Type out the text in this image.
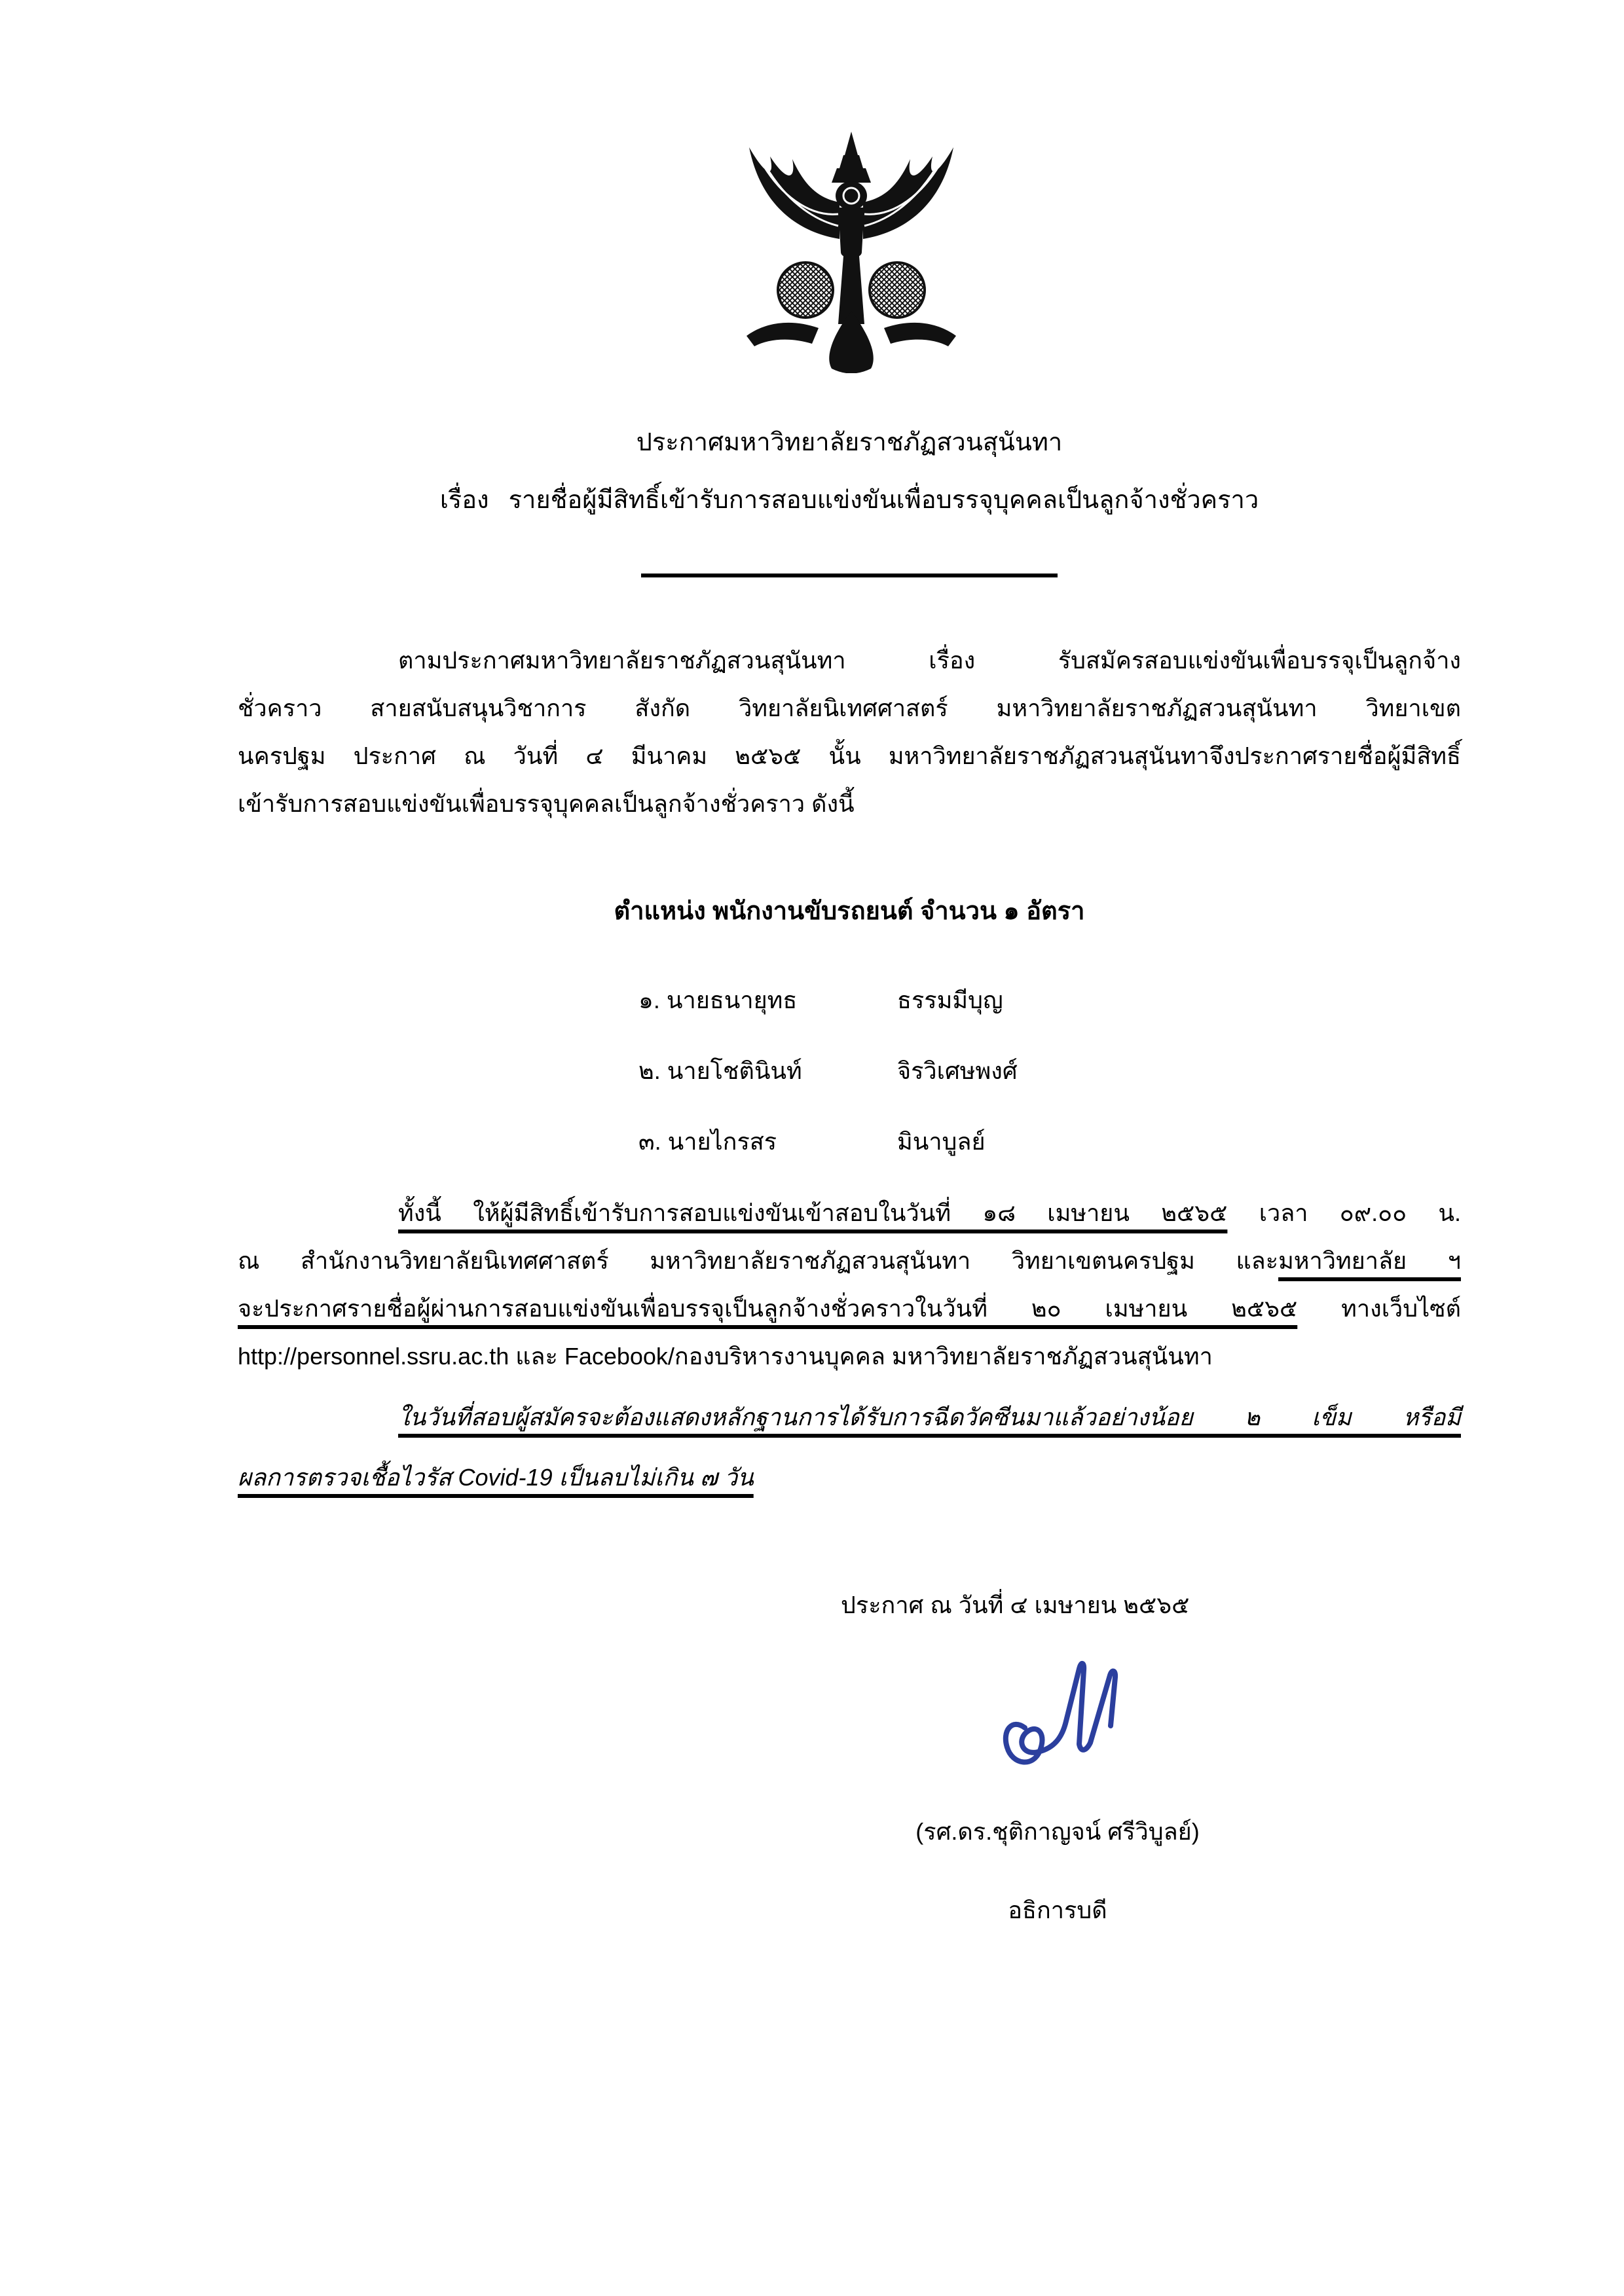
ประกาศมหาวิทยาลัยราชภัฏสวนสุนันทา
เรื่อง รายชื่อผู้มีสิทธิ์เข้ารับการสอบแข่งขันเพื่อบรรจุบุคคลเป็นลูกจ้างชั่วคราว
ตามประกาศมหาวิทยาลัยราชภัฏสวนสุนันทา เรื่อง รับสมัครสอบแข่งขันเพื่อบรรจุเป็นลูกจ้าง
ชั่วคราว สายสนับสนุนวิชาการ สังกัด วิทยาลัยนิเทศศาสตร์ มหาวิทยาลัยราชภัฏสวนสุนันทา วิทยาเขต
นครปฐม ประกาศ ณ วันที่ ๔ มีนาคม ๒๕๖๕ นั้น มหาวิทยาลัยราชภัฏสวนสุนันทาจึงประกาศรายชื่อผู้มีสิทธิ์
เข้ารับการสอบแข่งขันเพื่อบรรจุบุคคลเป็นลูกจ้างชั่วคราว ดังนี้
ตำแหน่ง พนักงานขับรถยนต์ จำนวน ๑ อัตรา
๑. นายธนายุทธ	ธรรมมีบุญ
๒. นายโชตินินท์	จิรวิเศษพงศ์
๓. นายไกรสร	มินาบูลย์
ทั้งนี้ ให้ผู้มีสิทธิ์เข้ารับการสอบแข่งขันเข้าสอบในวันที่ ๑๘ เมษายน ๒๕๖๕ เวลา ๐๙.๐๐ น.
ณ สำนักงานวิทยาลัยนิเทศศาสตร์ มหาวิทยาลัยราชภัฏสวนสุนันทา วิทยาเขตนครปฐม และมหาวิทยาลัย ฯ
จะประกาศรายชื่อผู้ผ่านการสอบแข่งขันเพื่อบรรจุเป็นลูกจ้างชั่วคราวในวันที่ ๒๐ เมษายน ๒๕๖๕ ทางเว็บไซต์
http://personnel.ssru.ac.th และ Facebook/กองบริหารงานบุคคล มหาวิทยาลัยราชภัฏสวนสุนันทา
ในวันที่สอบผู้สมัครจะต้องแสดงหลักฐานการได้รับการฉีดวัคซีนมาแล้วอย่างน้อย ๒ เข็ม หรือมี
ผลการตรวจเชื้อไวรัส Covid-19 เป็นลบไม่เกิน ๗ วัน
ประกาศ ณ วันที่ ๔ เมษายน ๒๕๖๕
(รศ.ดร.ชุติกาญจน์ ศรีวิบูลย์)
อธิการบดี
